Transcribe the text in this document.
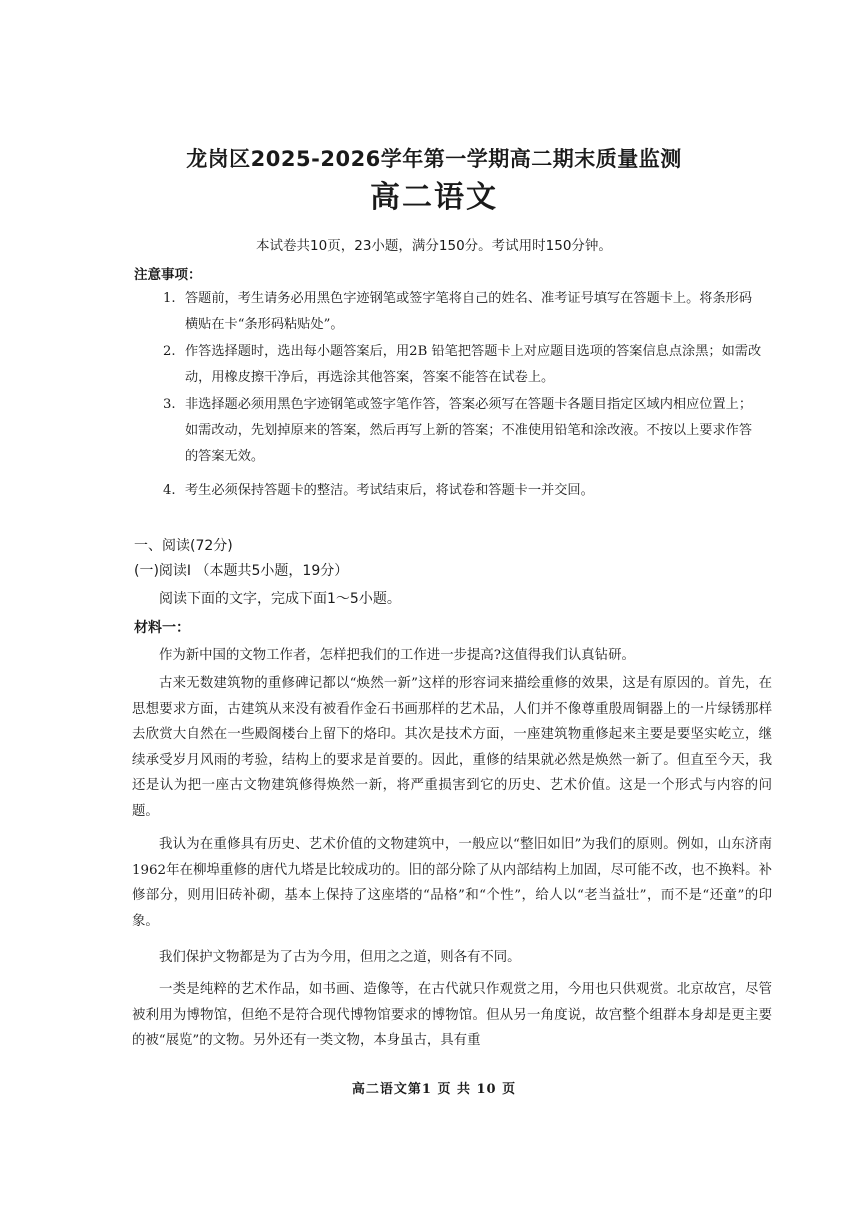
龙岗区2025-2026学年第一学期高二期末质量监测
高二语文
本试卷共10页，23小题，满分150分。考试用时150分钟。
注意事项：
1. 答题前，考生请务必用黑色字迹钢笔或签字笔将自己的姓名、准考证号填写在答题卡上。将条形码横贴在卡“条形码粘贴处”。
2. 作答选择题时，选出每小题答案后，用2B 铅笔把答题卡上对应题目选项的答案信息点涂黑；如需改动，用橡皮擦干净后，再选涂其他答案，答案不能答在试卷上。
3. 非选择题必须用黑色字迹钢笔或签字笔作答，答案必须写在答题卡各题目指定区域内相应位置上；如需改动，先划掉原来的答案，然后再写上新的答案；不准使用铅笔和涂改液。不按以上要求作答的答案无效。
4. 考生必须保持答题卡的整洁。考试结束后，将试卷和答题卡一并交回。
一、阅读(72分)
(一)阅读I （本题共5小题，19分）
阅读下面的文字，完成下面1～5小题。
材料一：

作为新中国的文物工作者，怎样把我们的工作进一步提高?这值得我们认真钻研。

古来无数建筑物的重修碑记都以“焕然一新”这样的形容词来描绘重修的效果，这是有原因的。首先，在思想要求方面，古建筑从来没有被看作金石书画那样的艺术品，人们并不像尊重殷周铜器上的一片绿锈那样去欣赏大自然在一些殿阁楼台上留下的烙印。其次是技术方面，一座建筑物重修起来主要是要坚实屹立，继续承受岁月风雨的考验，结构上的要求是首要的。因此，重修的结果就必然是焕然一新了。但直至今天，我还是认为把一座古文物建筑修得焕然一新，将严重损害到它的历史、艺术价值。这是一个形式与内容的问题。

我认为在重修具有历史、艺术价值的文物建筑中，一般应以“整旧如旧”为我们的原则。例如，山东济南1962年在柳埠重修的唐代九塔是比较成功的。旧的部分除了从内部结构上加固，尽可能不改，也不换料。补修部分，则用旧砖补砌，基本上保持了这座塔的“品格”和“个性”，给人以“老当益壮”，而不是“还童”的印象。

我们保护文物都是为了古为今用，但用之之道，则各有不同。

一类是纯粹的艺术作品，如书画、造像等，在古代就只作观赏之用，今用也只供观赏。北京故宫，尽管被利用为博物馆，但绝不是符合现代博物馆要求的博物馆。但从另一角度说，故宫整个组群本身却是更主要的被“展览”的文物。另外还有一类文物，本身虽古，具有重

高二语文第1 页 共 10 页
